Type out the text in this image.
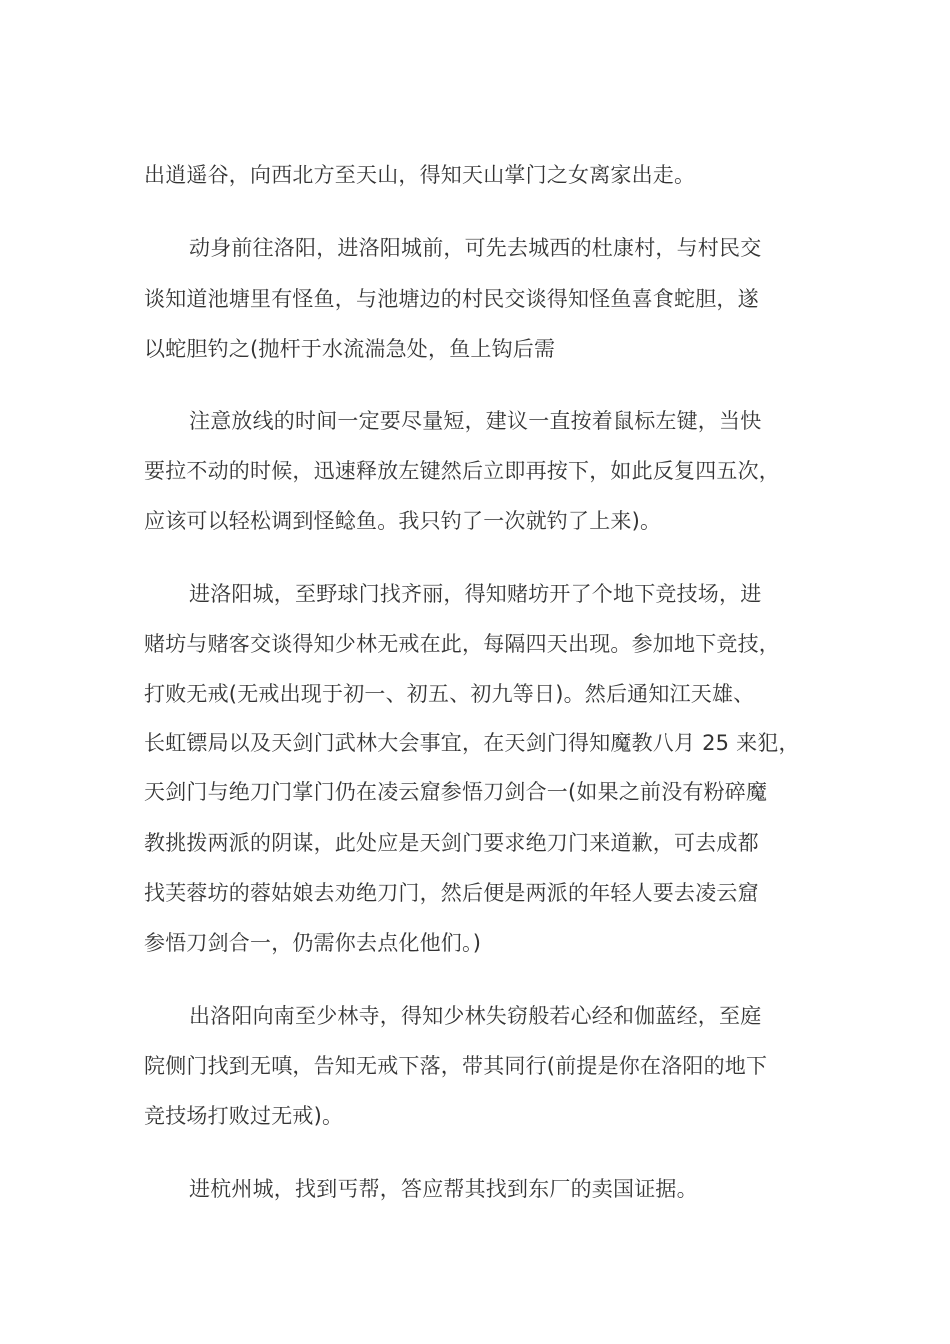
出逍遥谷，向西北方至天山，得知天山掌门之女离家出走。
动身前往洛阳，进洛阳城前，可先去城西的杜康村，与村民交
谈知道池塘里有怪鱼，与池塘边的村民交谈得知怪鱼喜食蛇胆，遂
以蛇胆钓之(抛杆于水流湍急处，鱼上钩后需
注意放线的时间一定要尽量短，建议一直按着鼠标左键，当快
要拉不动的时候，迅速释放左键然后立即再按下，如此反复四五次，
应该可以轻松调到怪鲶鱼。我只钓了一次就钓了上来)。
进洛阳城，至野球门找齐丽，得知赌坊开了个地下竞技场，进
赌坊与赌客交谈得知少林无戒在此，每隔四天出现。参加地下竞技，
打败无戒(无戒出现于初一、初五、初九等日)。然后通知江天雄、
长虹镖局以及天剑门武林大会事宜，在天剑门得知魔教八月 25 来犯，
天剑门与绝刀门掌门仍在凌云窟参悟刀剑合一(如果之前没有粉碎魔
教挑拨两派的阴谋，此处应是天剑门要求绝刀门来道歉，可去成都
找芙蓉坊的蓉姑娘去劝绝刀门，然后便是两派的年轻人要去凌云窟
参悟刀剑合一，仍需你去点化他们。)
出洛阳向南至少林寺，得知少林失窃般若心经和伽蓝经，至庭
院侧门找到无嗔，告知无戒下落，带其同行(前提是你在洛阳的地下
竞技场打败过无戒)。
进杭州城，找到丐帮，答应帮其找到东厂的卖国证据。
